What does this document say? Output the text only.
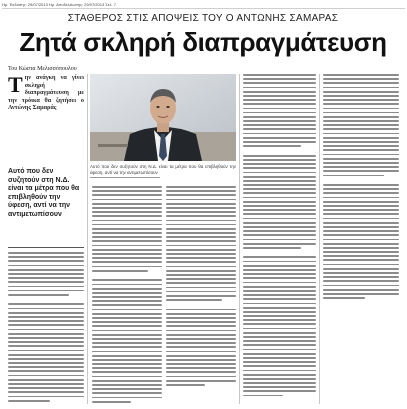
Hμ. Έκδοσης: 29/07/2013 Hμ. Αποδελτίωσης: 29/07/2013 Σελ. 7
ΣΤΑΘΕΡΟΣ ΣΤΙΣ ΑΠΟΨΕΙΣ ΤΟΥ Ο ΑΝΤΩΝΗΣ ΣΑΜΑΡΑΣ
Ζητά σκληρή διαπραγμάτευση
Του Κώστα Μελισσόπουλου
Την ανάγκη να γίνει σκληρή διαπραγμάτευση με την τρόικα θα ζητήσει ο Αντώνης Σαμαράς
Αυτό που δεν συζητούν στη Ν.Δ. είναι τα μέτρα που θα επιβληθούν την ύφεση, αντί να την αντιμετωπίσουν
Αυτό που δεν συζητούν στη Ν.Δ. είναι τα μέτρα που θα επιβληθούν την ύφεση, αντί να την αντιμετωπίσουν
